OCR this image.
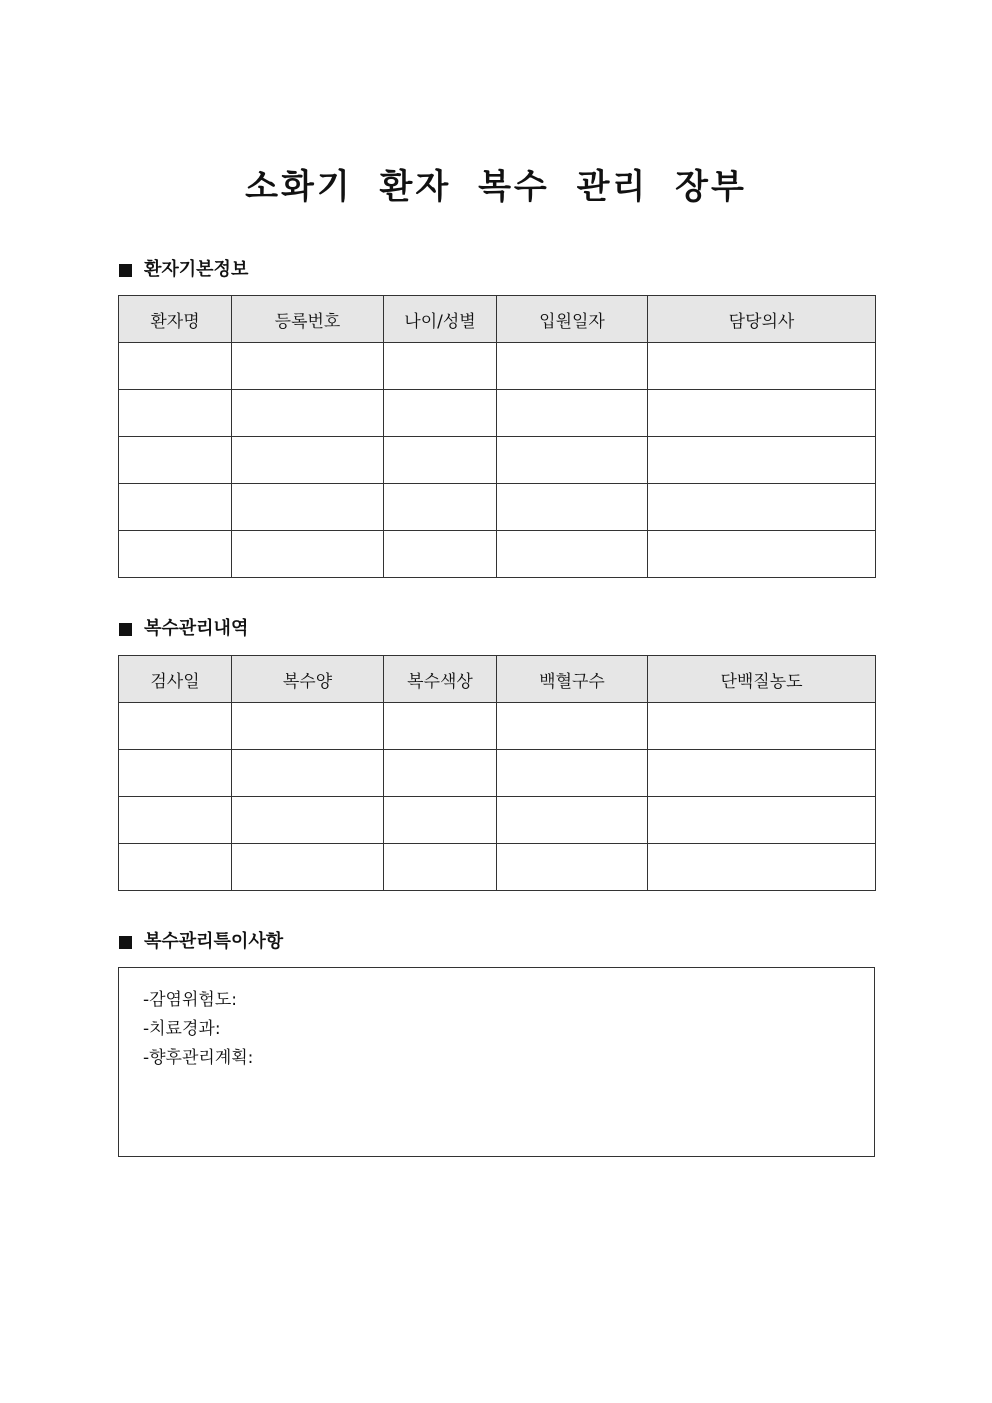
소화기 환자 복수 관리 장부
환자기본정보
환자명	등록번호	나이/성별	입원일자	담당의사

복수관리내역
검사일	복수양	복수색상	백혈구수	단백질농도

복수관리특이사항
-감염위험도:
-치료경과:
-향후관리계획:
